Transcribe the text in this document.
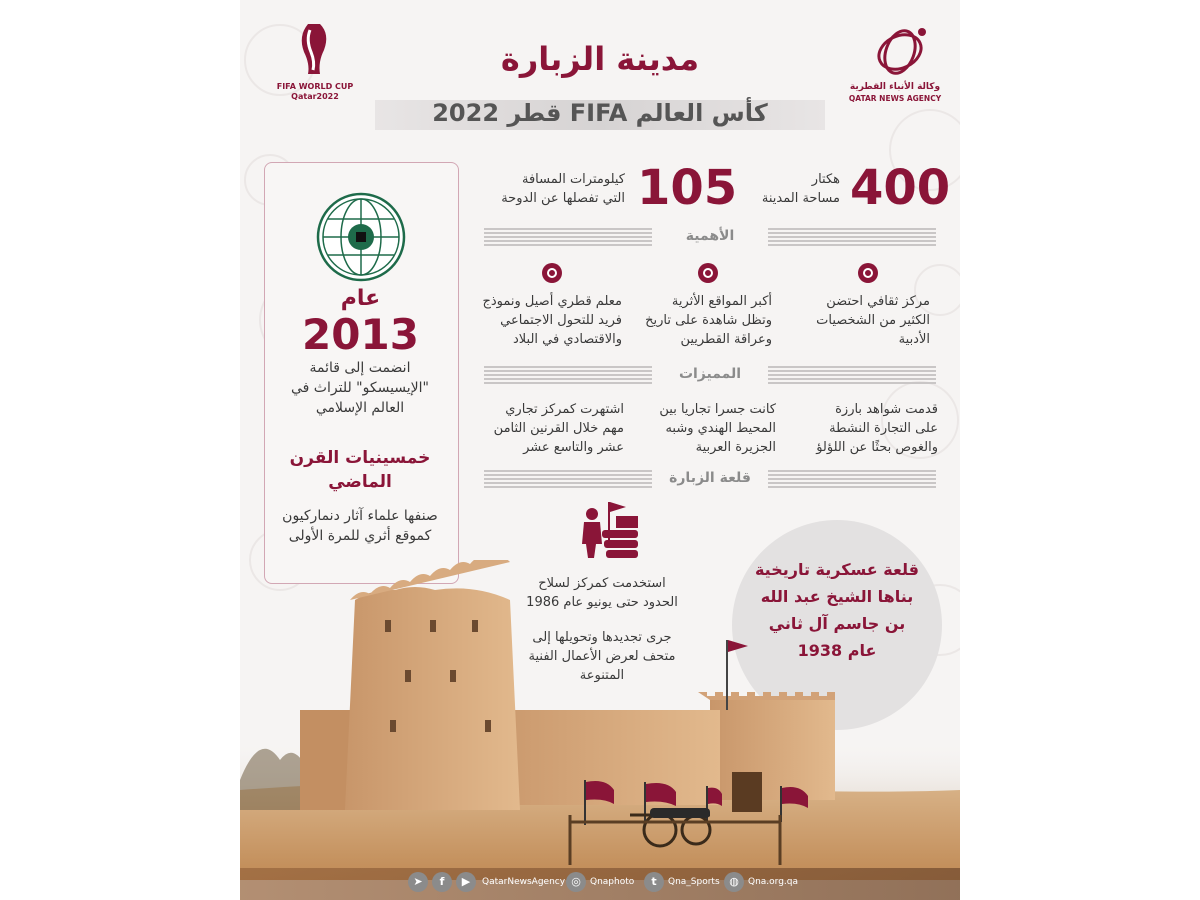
FIFA WORLD CUP
Qatar2022
وكالة الأنباء القطرية
QATAR NEWS AGENCY
مدينة الزبارة
كأس العالم FIFA قطر 2022
عام
2013
انضمت إلى قائمة "الإيسيسكو" للتراث في العالم الإسلامي
خمسينيات القرن الماضي
صنفها علماء آثار دنماركيون كموقع أثري للمرة الأولى
400
هكتار
مساحة المدينة
105
كيلومترات المسافة
التي تفصلها عن الدوحة
الأهمية
مركز ثقافي احتضن الكثير من الشخصيات الأدبية
أكبر المواقع الأثرية وتظل شاهدة على تاريخ وعراقة القطريين
معلم قطري أصيل ونموذج فريد للتحول الاجتماعي والاقتصادي في البلاد
المميزات
قدمت شواهد بارزة على التجارة النشطة والغوص بحثًا عن اللؤلؤ
كانت جسرا تجاريا بين المحيط الهندي وشبه الجزيرة العربية
اشتهرت كمركز تجاري مهم خلال القرنين الثامن عشر والتاسع عشر
قلعة الزبارة
استخدمت كمركز لسلاح الحدود حتى يونيو عام 1986
جرى تجديدها وتحويلها إلى متحف لعرض الأعمال الفنية المتنوعة
قلعة عسكرية تاريخية بناها الشيخ عبد الله بن جاسم آل ثاني عام 1938
➤	f	▶	QatarNewsAgency ◎	Qnaphoto	t	Qna_Sports ◍	Qna.org.qa
